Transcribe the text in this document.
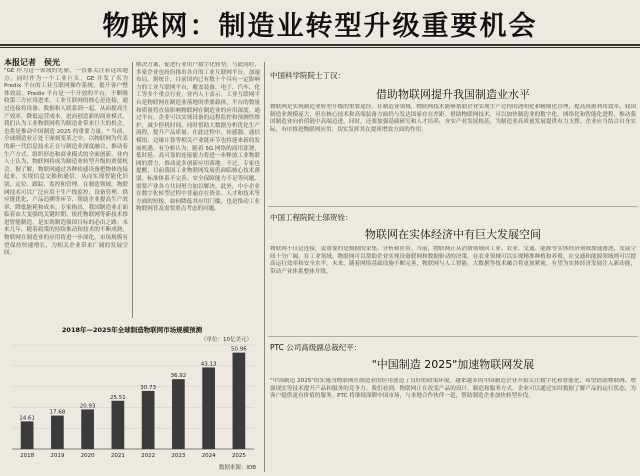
物联网：制造业转型升级重要机会
本报记者　侯光
"GE 作为这一领域的先驱，一直都关注着这块地方。同时作为一个工业巨头，GE 开发了名为 Predix 平台的工业互联网操作系统，提升客户整体效益。Predix 平台是一个开放的平台，不断吸收第三方应用进来。工业互联网的核心是连接，通过连接将设备、数据和人联系到一起，从而提高生产效率，降低运营成本，进而创造新的商业模式。我们认为工业物联网将为制造业带来巨大的机会，也将是推动中国制造 2025 的重要力量。" 当前，全球制造业正处于深刻变革之中，以物联网为代表的新一代信息技术正在与制造业深度融合，推动着生产方式、组织形态和商业模式的全面创新。业内人士认为，物联网将成为制造业转型升级的重要机会。据了解，物联网通过各种传感设备把物体连接起来，实现信息交换和通信，从而实现智能化识别、定位、跟踪、监控和管理。在制造领域，物联网技术可以广泛应用于生产线监控、设备管理、供应链优化、产品追溯等环节，帮助企业提高生产效率、降低能耗和成本。专家指出，我国制造业正面临着由大变强的关键时期，依托物联网等新技术推进智能制造，是实现制造强国目标的必由之路。未来几年，随着政策的持续推动和技术的不断成熟，物联网在制造业的应用将进一步深化，市场规模有望保持快速增长，为相关企业带来广阔的发展空间。
解决方案，促进行业用户数字化转型。与此同时，多家企业也纷纷推出各自的工业互联网平台，加速布局。据统计，目前国内已有数十个具有一定影响力的工业互联网平台，覆盖装备、电子、汽车、化工等多个重点行业。业内人士表示，工业互联网平台是物联网在制造业落地的重要载体，平台的数量和质量将直接影响物联网在制造业的应用深度。通过平台，企业可以实现设备的远程监控和预测性维护，减少停机时间，同时借助大数据分析优化生产流程，提升产品质量。在此过程中，传感器、通信模组、边缘计算等相关产业链环节也将迎来新的发展机遇。有分析认为，随着 5G 网络的商用部署，低时延、高可靠的连接能力将进一步释放工业物联网的潜力，推动更多创新应用落地。不过，专家也提醒，目前我国工业物联网发展仍面临核心技术薄弱、标准体系不完善、安全保障能力不足等问题，需要产业各方共同努力加以解决。此外，中小企业在数字化转型过程中普遍存在资金、人才和技术等方面的短板，如何降低其应用门槛，也是推动工业物联网普及需要重点考虑的问题。
中国科学院院士丁汉：
借助物联网提升我国制造业水平
物联网是实现制造业转型升级的重要途径。在制造业领域，物联网技术能够帮助企业实现生产过程的透明化和精细化管理，提高资源利用效率。我国制造业规模庞大，但在核心技术和高端装备方面仍与发达国家存在差距。借助物联网技术，可以加快制造业的数字化、网络化和智能化进程，推动我国制造业向价值链中高端迈进。同时，还要加强基础研究和人才培养，夯实产业发展根基，为制造业高质量发展提供有力支撑。企业应当结合自身实际，有序推进物联网应用，切实发挥其在提质增效方面的作用。
中国工程院院士邬贺铨：
物联网在实体经济中有巨大发展空间
物联网不仅是连接，更重要的是数据的采集、分析和应用。当前，物联网正从消费领域向工业、农业、交通、能源等实体经济领域加速渗透，发展空间十分广阔。在工业领域，物联网可以帮助企业实现设备联网和数据驱动的决策，在农业领域可以实现精准种植和养殖，在交通和能源领域则可以提高运行效率和安全水平。未来，随着网络基础设施不断完善，物联网与人工智能、大数据等技术融合将更加紧密，有望为实体经济发展注入新动能，带动产业体系整体升级。
PTC 公司高级副总裁纪平：
"中国制造 2025"加速物联网发展
"中国制造 2025"的实施为物联网在制造业的应用创造了良好的政策环境。越来越多的中国制造企业开始关注数字化和智能化，希望借助物联网、增强现实等技术提升产品和服务的竞争力。我们看到，物联网正在改变产品的设计、制造和服务方式，企业可以通过实时数据了解产品的运行状态，为客户提供更有价值的服务。PTC 将继续深耕中国市场，与本地合作伙伴一道，帮助制造企业加快转型步伐。
2018年—2025年全球制造物联网市场规模预测
（单位：10亿美元）
14.61
2018
17.68
2019
20.93
2020
25.51
2021
30.73
2022
36.92
2023
43.13
2024
50.96
2025
数据来源：IDB
